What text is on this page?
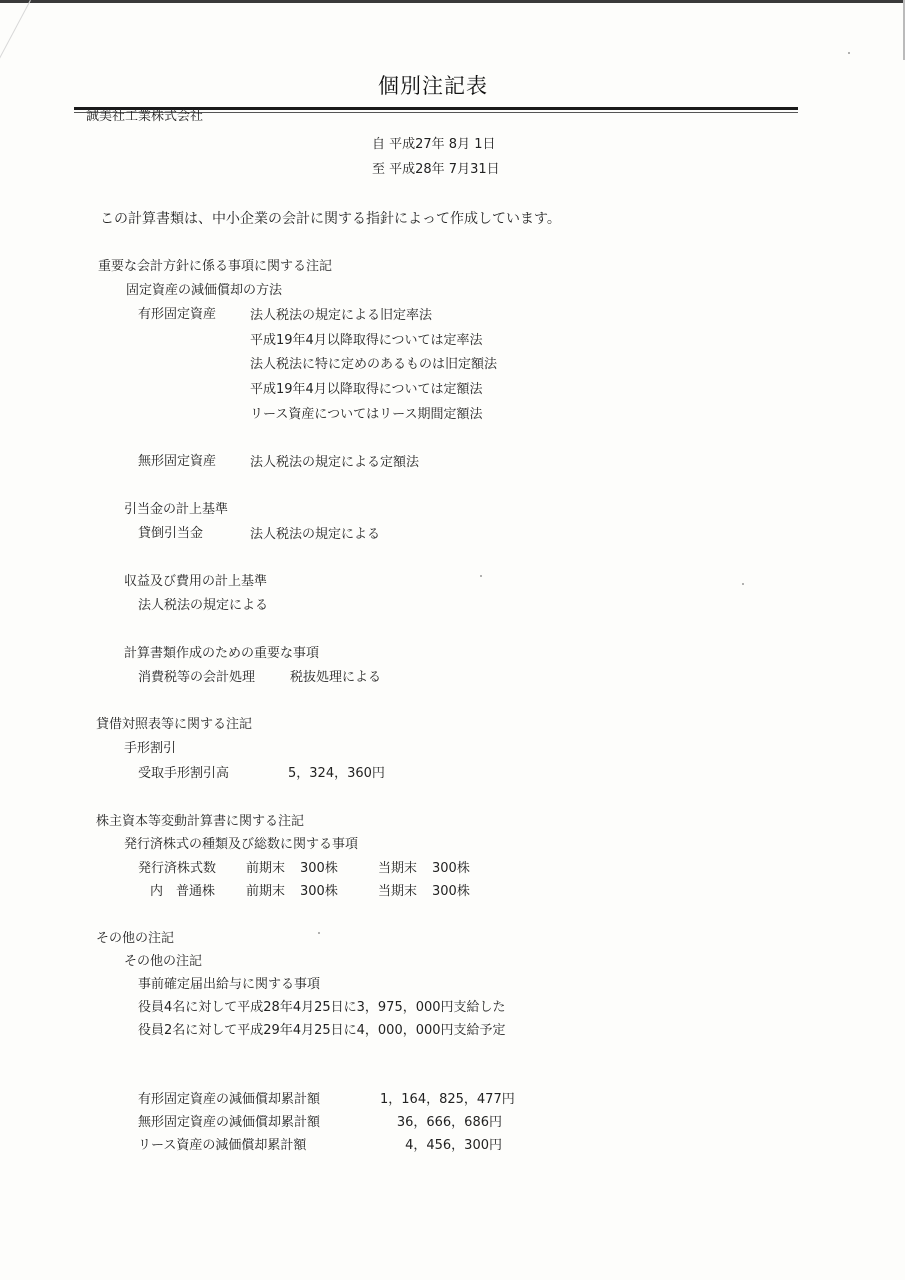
個別注記表
誠美社工業株式会社
自 平成27年 8月 1日
至 平成28年 7月31日
この計算書類は、中小企業の会計に関する指針によって作成しています。
重要な会計方針に係る事項に関する注記
固定資産の減価償却の方法
有形固定資産	法人税法の規定による旧定率法
平成19年4月以降取得については定率法
法人税法に特に定めのあるものは旧定額法
平成19年4月以降取得については定額法
リース資産についてはリース期間定額法
無形固定資産	法人税法の規定による定額法
引当金の計上基準
貸倒引当金	法人税法の規定による
収益及び費用の計上基準
法人税法の規定による
計算書類作成のための重要な事項
消費税等の会計処理	税抜処理による
貸借対照表等に関する注記
手形割引
受取手形割引高	5，324，360円
株主資本等変動計算書に関する注記
発行済株式の種類及び総数に関する事項
発行済株式数 前期末 300株	当期末 300株
内　普通株 前期末 300株	当期末 300株
その他の注記
その他の注記
事前確定届出給与に関する事項
役員4名に対して平成28年4月25日に3，975，000円支給した
役員2名に対して平成29年4月25日に4，000，000円支給予定
有形固定資産の減価償却累計額	1，164，825，477円
無形固定資産の減価償却累計額	36，666，686円
リース資産の減価償却累計額	4，456，300円
